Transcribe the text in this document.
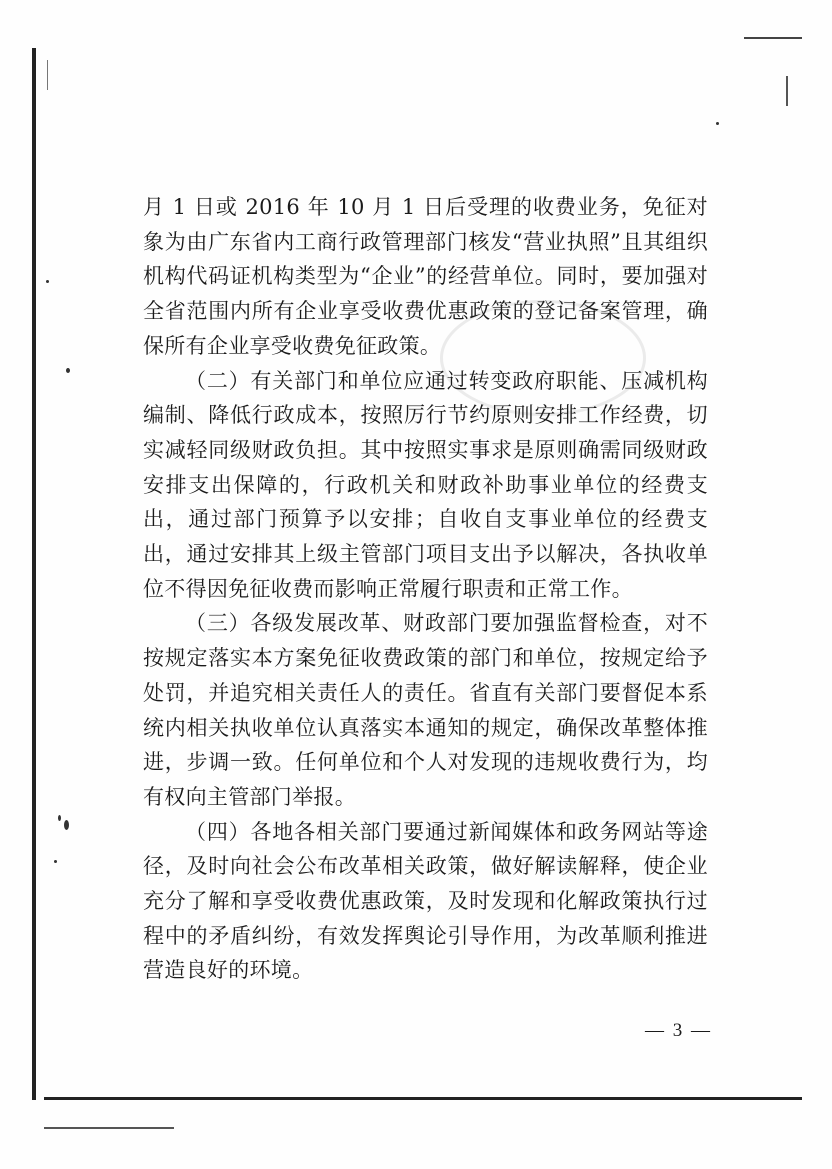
月 1 日或 2016 年 10 月 1 日后受理的收费业务，免征对象为由广东省内工商行政管理部门核发“营业执照”且其组织机构代码证机构类型为“企业”的经营单位。同时，要加强对全省范围内所有企业享受收费优惠政策的登记备案管理，确保所有企业享受收费免征政策。

（二）有关部门和单位应通过转变政府职能、压减机构编制、降低行政成本，按照厉行节约原则安排工作经费，切实减轻同级财政负担。其中按照实事求是原则确需同级财政安排支出保障的，行政机关和财政补助事业单位的经费支出，通过部门预算予以安排；自收自支事业单位的经费支出，通过安排其上级主管部门项目支出予以解决，各执收单位不得因免征收费而影响正常履行职责和正常工作。

（三）各级发展改革、财政部门要加强监督检查，对不按规定落实本方案免征收费政策的部门和单位，按规定给予处罚，并追究相关责任人的责任。省直有关部门要督促本系统内相关执收单位认真落实本通知的规定，确保改革整体推进，步调一致。任何单位和个人对发现的违规收费行为，均有权向主管部门举报。

（四）各地各相关部门要通过新闻媒体和政务网站等途径，及时向社会公布改革相关政策，做好解读解释，使企业充分了解和享受收费优惠政策，及时发现和化解政策执行过程中的矛盾纠纷，有效发挥舆论引导作用，为改革顺利推进营造良好的环境。

— 3 —
